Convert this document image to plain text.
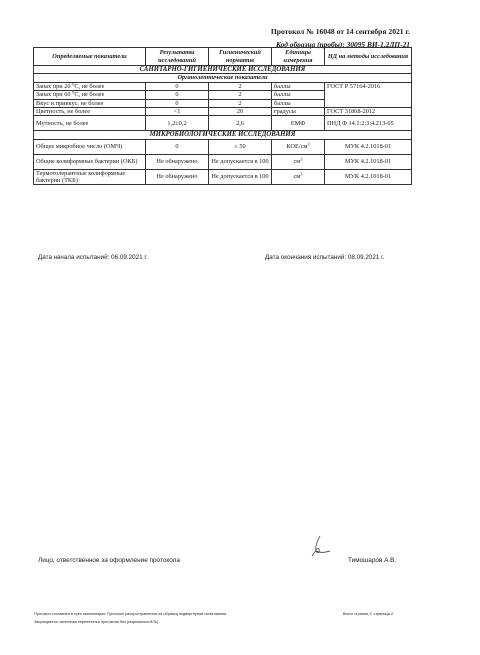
Протокол № 16048 от 14 сентября 2021 г.
Код образца (пробы): 30095 ВИ-1,2ДП-21
Определяемые показатели	Результаты исследований	Гигиенический норматив	Единицы измерения	НД на методы исследования
САНИТАРНО-ГИГИЕНИЧЕСКИЕ ИССЛЕДОВАНИЯ				
Органолептические показатели				
Запах при 20 $^0$С, не более	0	2	баллы	ГОСТ Р 57164-2016
Запах при 60 $^0$С, не более	0	2	баллы	
Вкус и привкус, не более	0	2	баллы	
Цветность, не более	<1	20	градусы	ГОСТ 31868-2012
Мутность, не более	1,2±0,2	2,6	ЕМФ	ПНД Ф 14.1:2:3:4.213-05
МИКРОБИОЛОГИЧЕСКИЕ ИССЛЕДОВАНИЯ				
Общее микробное число (ОМЧ)	0	≤ 50	КОЕ/$см^3$	МУК 4.2.1018-01
Общие колиформные бактерии (ОКБ)	Не обнаружено	Не допускается в 100	$см^3$	МУК 4.2.1018-01
Термотолерантные колиформные бактерии (ТКБ)	Не обнаружено	Не допускается в 100	$см^3$	МУК 4.2.1018-01
Дата начала испытаний: 06.09.2021 г.	Дата окончания испытаний: 08.09.2021 г.
Лицо, ответственное за оформление протокола	Тимошаров А.В.
Протокол составлен в трех экземплярах. Протокол распространяется на образец подвергнутый испытаниям.
Запрещается частичная перепечатка протокола без разрешения ИЛЦ
Всего страниц 2; страница 2
